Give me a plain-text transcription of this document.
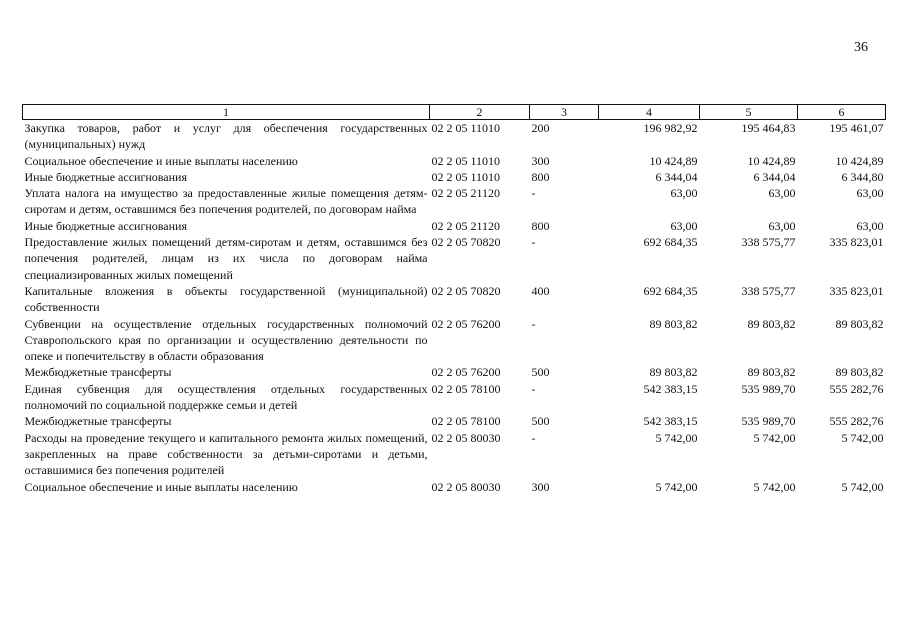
36
1	2	3	4	5	6
Закупка товаров, работ и услуг для обеспечения государственных (муниципальных) нужд	02 2 05 11010	200	196 982,92	195 464,83	195 461,07
Социальное обеспечение и иные выплаты населению	02 2 05 11010	300	10 424,89	10 424,89	10 424,89
Иные бюджетные ассигнования	02 2 05 11010	800	6 344,04	6 344,04	6 344,80
Уплата налога на имущество за предоставленные жилые помещения детям-сиротам и детям, оставшимся без попечения родителей, по договорам найма	02 2 05 21120	-	63,00	63,00	63,00
Иные бюджетные ассигнования	02 2 05 21120	800	63,00	63,00	63,00
Предоставление жилых помещений детям-сиротам и детям, оставшимся без попечения родителей, лицам из их числа по договорам найма специализированных жилых помещений	02 2 05 70820	-	692 684,35	338 575,77	335 823,01
Капитальные вложения в объекты государственной (муниципальной) собственности	02 2 05 70820	400	692 684,35	338 575,77	335 823,01
Субвенции на осуществление отдельных государственных полномочий Ставропольского края по организации и осуществлению деятельности по опеке и попечительству в области образования	02 2 05 76200	-	89 803,82	89 803,82	89 803,82
Межбюджетные трансферты	02 2 05 76200	500	89 803,82	89 803,82	89 803,82
Единая субвенция для осуществления отдельных государственных полномочий по социальной поддержке семьи и детей	02 2 05 78100	-	542 383,15	535 989,70	555 282,76
Межбюджетные трансферты	02 2 05 78100	500	542 383,15	535 989,70	555 282,76
Расходы на проведение текущего и капитального ремонта жилых помещений, закрепленных на праве собственности за детьми-сиротами и детьми, оставшимися без попечения родителей	02 2 05 80030	-	5 742,00	5 742,00	5 742,00
Социальное обеспечение и иные выплаты населению	02 2 05 80030	300	5 742,00	5 742,00	5 742,00
